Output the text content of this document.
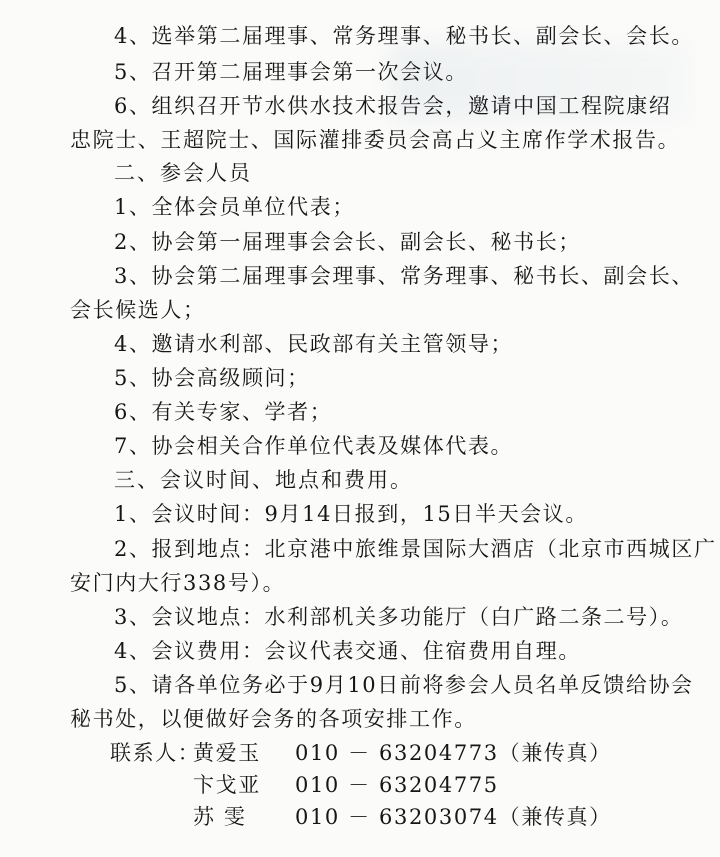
4、选举第二届理事、常务理事、秘书长、副会长、会长。
5、召开第二届理事会第一次会议。
6、组织召开节水供水技术报告会，邀请中国工程院康绍
忠院士、王超院士、国际灌排委员会高占义主席作学术报告。
二、参会人员
1、全体会员单位代表；
2、协会第一届理事会会长、副会长、秘书长；
3、协会第二届理事会理事、常务理事、秘书长、副会长、
会长候选人；
4、邀请水利部、民政部有关主管领导；
5、协会高级顾问；
6、有关专家、学者；
7、协会相关合作单位代表及媒体代表。
三、会议时间、地点和费用。
1、会议时间：9月14日报到，15日半天会议。
2、报到地点：北京港中旅维景国际大酒店（北京市西城区广
安门内大行338号）。
3、会议地点：水利部机关多功能厅（白广路二条二号）。
4、会议费用：会议代表交通、住宿费用自理。
5、请各单位务必于9月10日前将参会人员名单反馈给协会
秘书处，以便做好会务的各项安排工作。
联系人：
黄爱玉 010 － 63204773（兼传真）
卞戈亚 010 － 63204775
苏 雯 010 － 63203074（兼传真）
